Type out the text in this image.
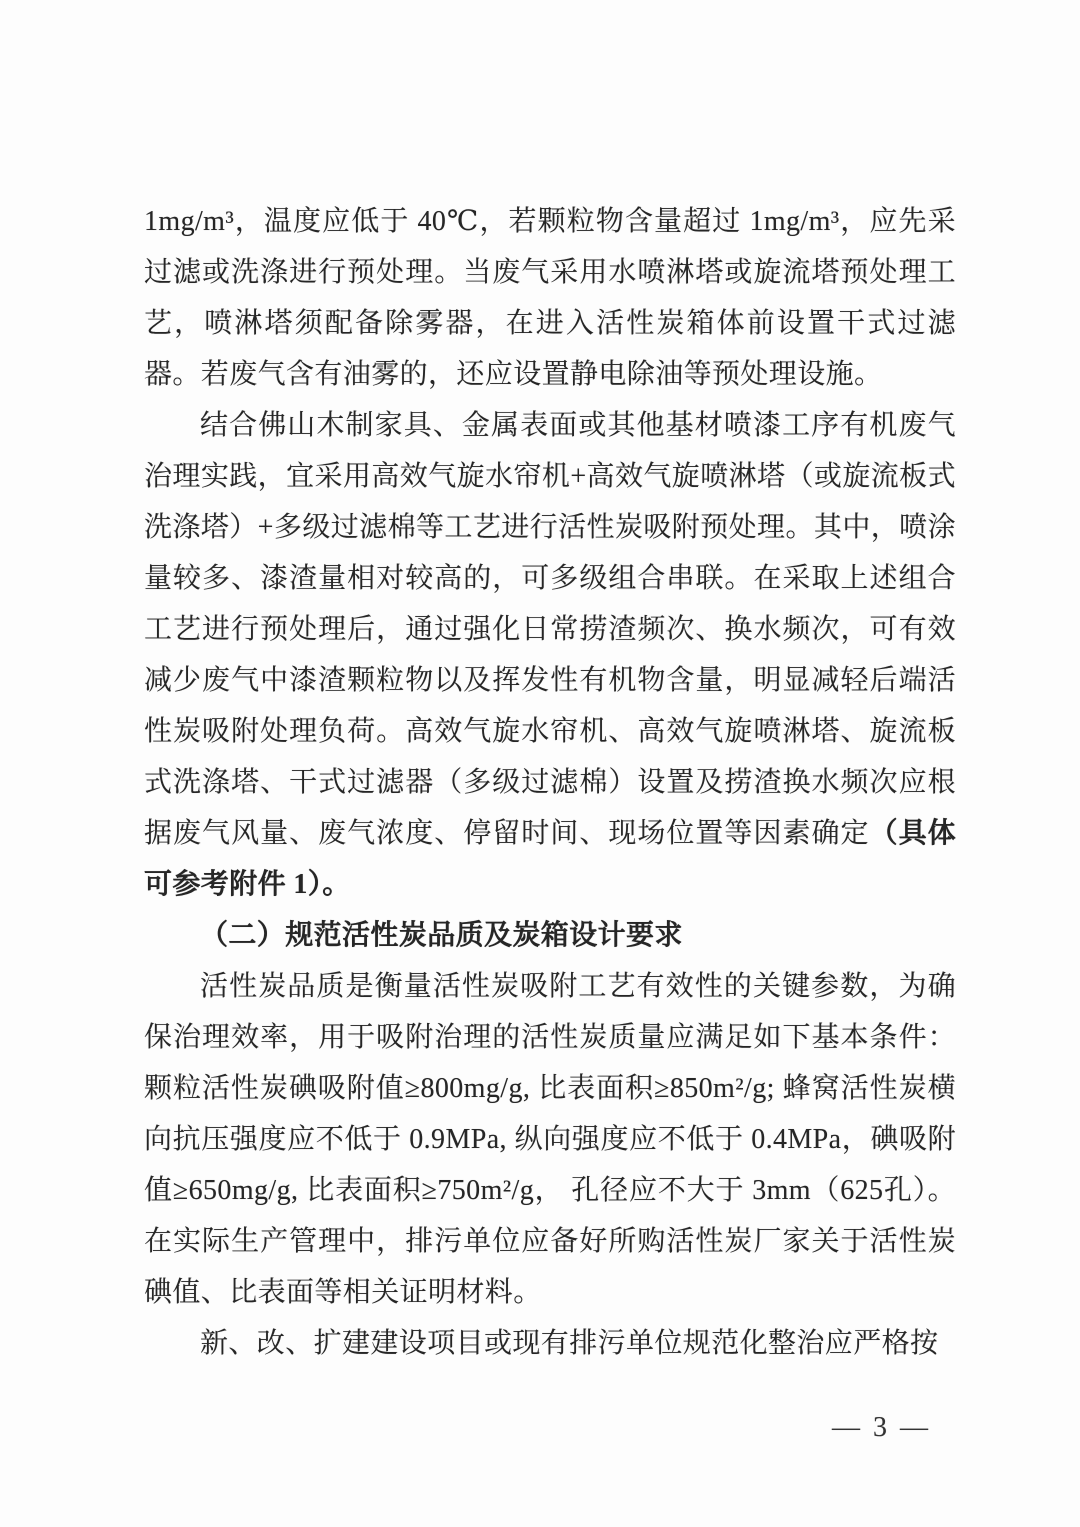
1mg/m³，温度应低于 40℃，若颗粒物含量超过 1mg/m³，应先采过滤或洗涤进行预处理。当废气采用水喷淋塔或旋流塔预处理工艺，喷淋塔须配备除雾器，在进入活性炭箱体前设置干式过滤器。若废气含有油雾的，还应设置静电除油等预处理设施。

结合佛山木制家具、金属表面或其他基材喷漆工序有机废气治理实践，宜采用高效气旋水帘机+高效气旋喷淋塔（或旋流板式洗涤塔）+多级过滤棉等工艺进行活性炭吸附预处理。其中，喷涂量较多、漆渣量相对较高的，可多级组合串联。在采取上述组合工艺进行预处理后，通过强化日常捞渣频次、换水频次，可有效减少废气中漆渣颗粒物以及挥发性有机物含量，明显减轻后端活性炭吸附处理负荷。高效气旋水帘机、高效气旋喷淋塔、旋流板式洗涤塔、干式过滤器（多级过滤棉）设置及捞渣换水频次应根据废气风量、废气浓度、停留时间、现场位置等因素确定（具体可参考附件 1）。

（二）规范活性炭品质及炭箱设计要求

活性炭品质是衡量活性炭吸附工艺有效性的关键参数，为确保治理效率，用于吸附治理的活性炭质量应满足如下基本条件：颗粒活性炭碘吸附值≥800mg/g, 比表面积≥850m²/g; 蜂窝活性炭横向抗压强度应不低于 0.9MPa, 纵向强度应不低于 0.4MPa，碘吸附值≥650mg/g, 比表面积≥750m²/g， 孔径应不大于 3mm（625孔）。在实际生产管理中，排污单位应备好所购活性炭厂家关于活性炭碘值、比表面等相关证明材料。

新、改、扩建建设项目或现有排污单位规范化整治应严格按

— 3 —
